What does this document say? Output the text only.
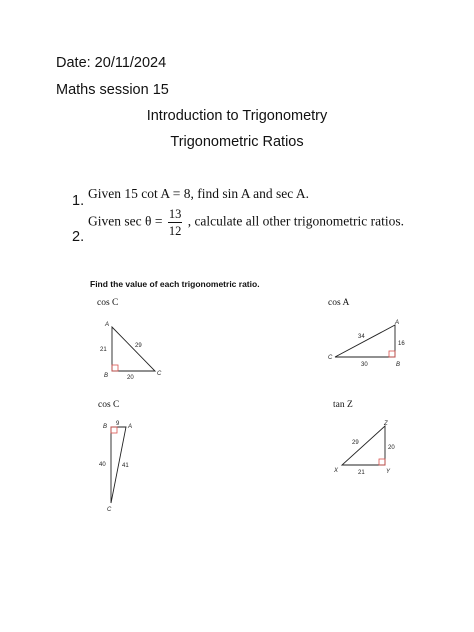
Date: 20/11/2024
Maths session 15
Introduction to Trigonometry
Trigonometric Ratios
1. Given 15 cot A = 8, find sin A and sec A.
2.
Given $\sec \theta = \frac{13}{12}$ , calculate all other trigonometric ratios.
Find the value of each trigonometric ratio.
cos C	cos A
cos C	tan Z
A
B	C
21
29
20
A
C
B
34
16
30
B	A
C
9
40	41
Z
X	Y
29
20
21
